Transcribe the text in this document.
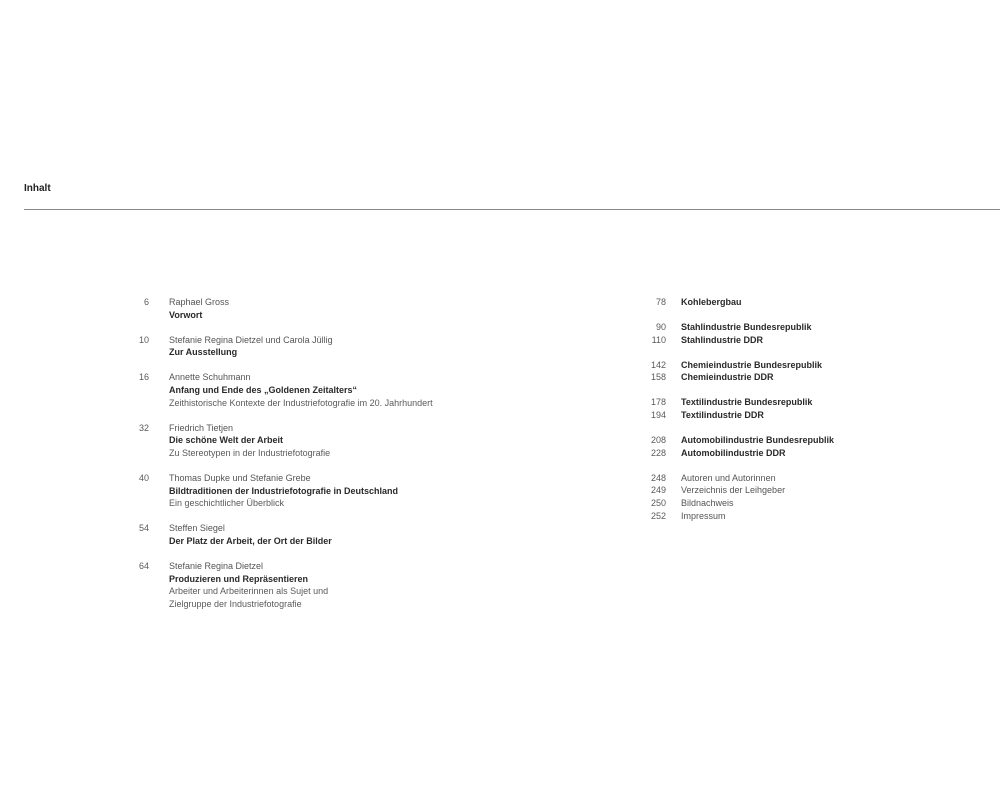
Inhalt
6 Raphael Gross
Vorwort
10 Stefanie Regina Dietzel und Carola Jüllig
Zur Ausstellung
16 Annette Schuhmann
Anfang und Ende des „Goldenen Zeitalters“
Zeithistorische Kontexte der Industriefotografie im 20. Jahrhundert
32 Friedrich Tietjen
Die schöne Welt der Arbeit
Zu Stereotypen in der Industriefotografie
40 Thomas Dupke und Stefanie Grebe
Bildtraditionen der Industriefotografie in Deutschland
Ein geschichtlicher Überblick
54 Steffen Siegel
Der Platz der Arbeit, der Ort der Bilder
64 Stefanie Regina Dietzel
Produzieren und Repräsentieren
Arbeiter und Arbeiterinnen als Sujet und
Zielgruppe der Industriefotografie
78 Kohlebergbau
90 Stahlindustrie Bundesrepublik
110 Stahlindustrie DDR
142 Chemieindustrie Bundesrepublik
158 Chemieindustrie DDR
178 Textilindustrie Bundesrepublik
194 Textilindustrie DDR
208 Automobilindustrie Bundesrepublik
228 Automobilindustrie DDR
248 Autoren und Autorinnen
249 Verzeichnis der Leihgeber
250 Bildnachweis
252 Impressum
